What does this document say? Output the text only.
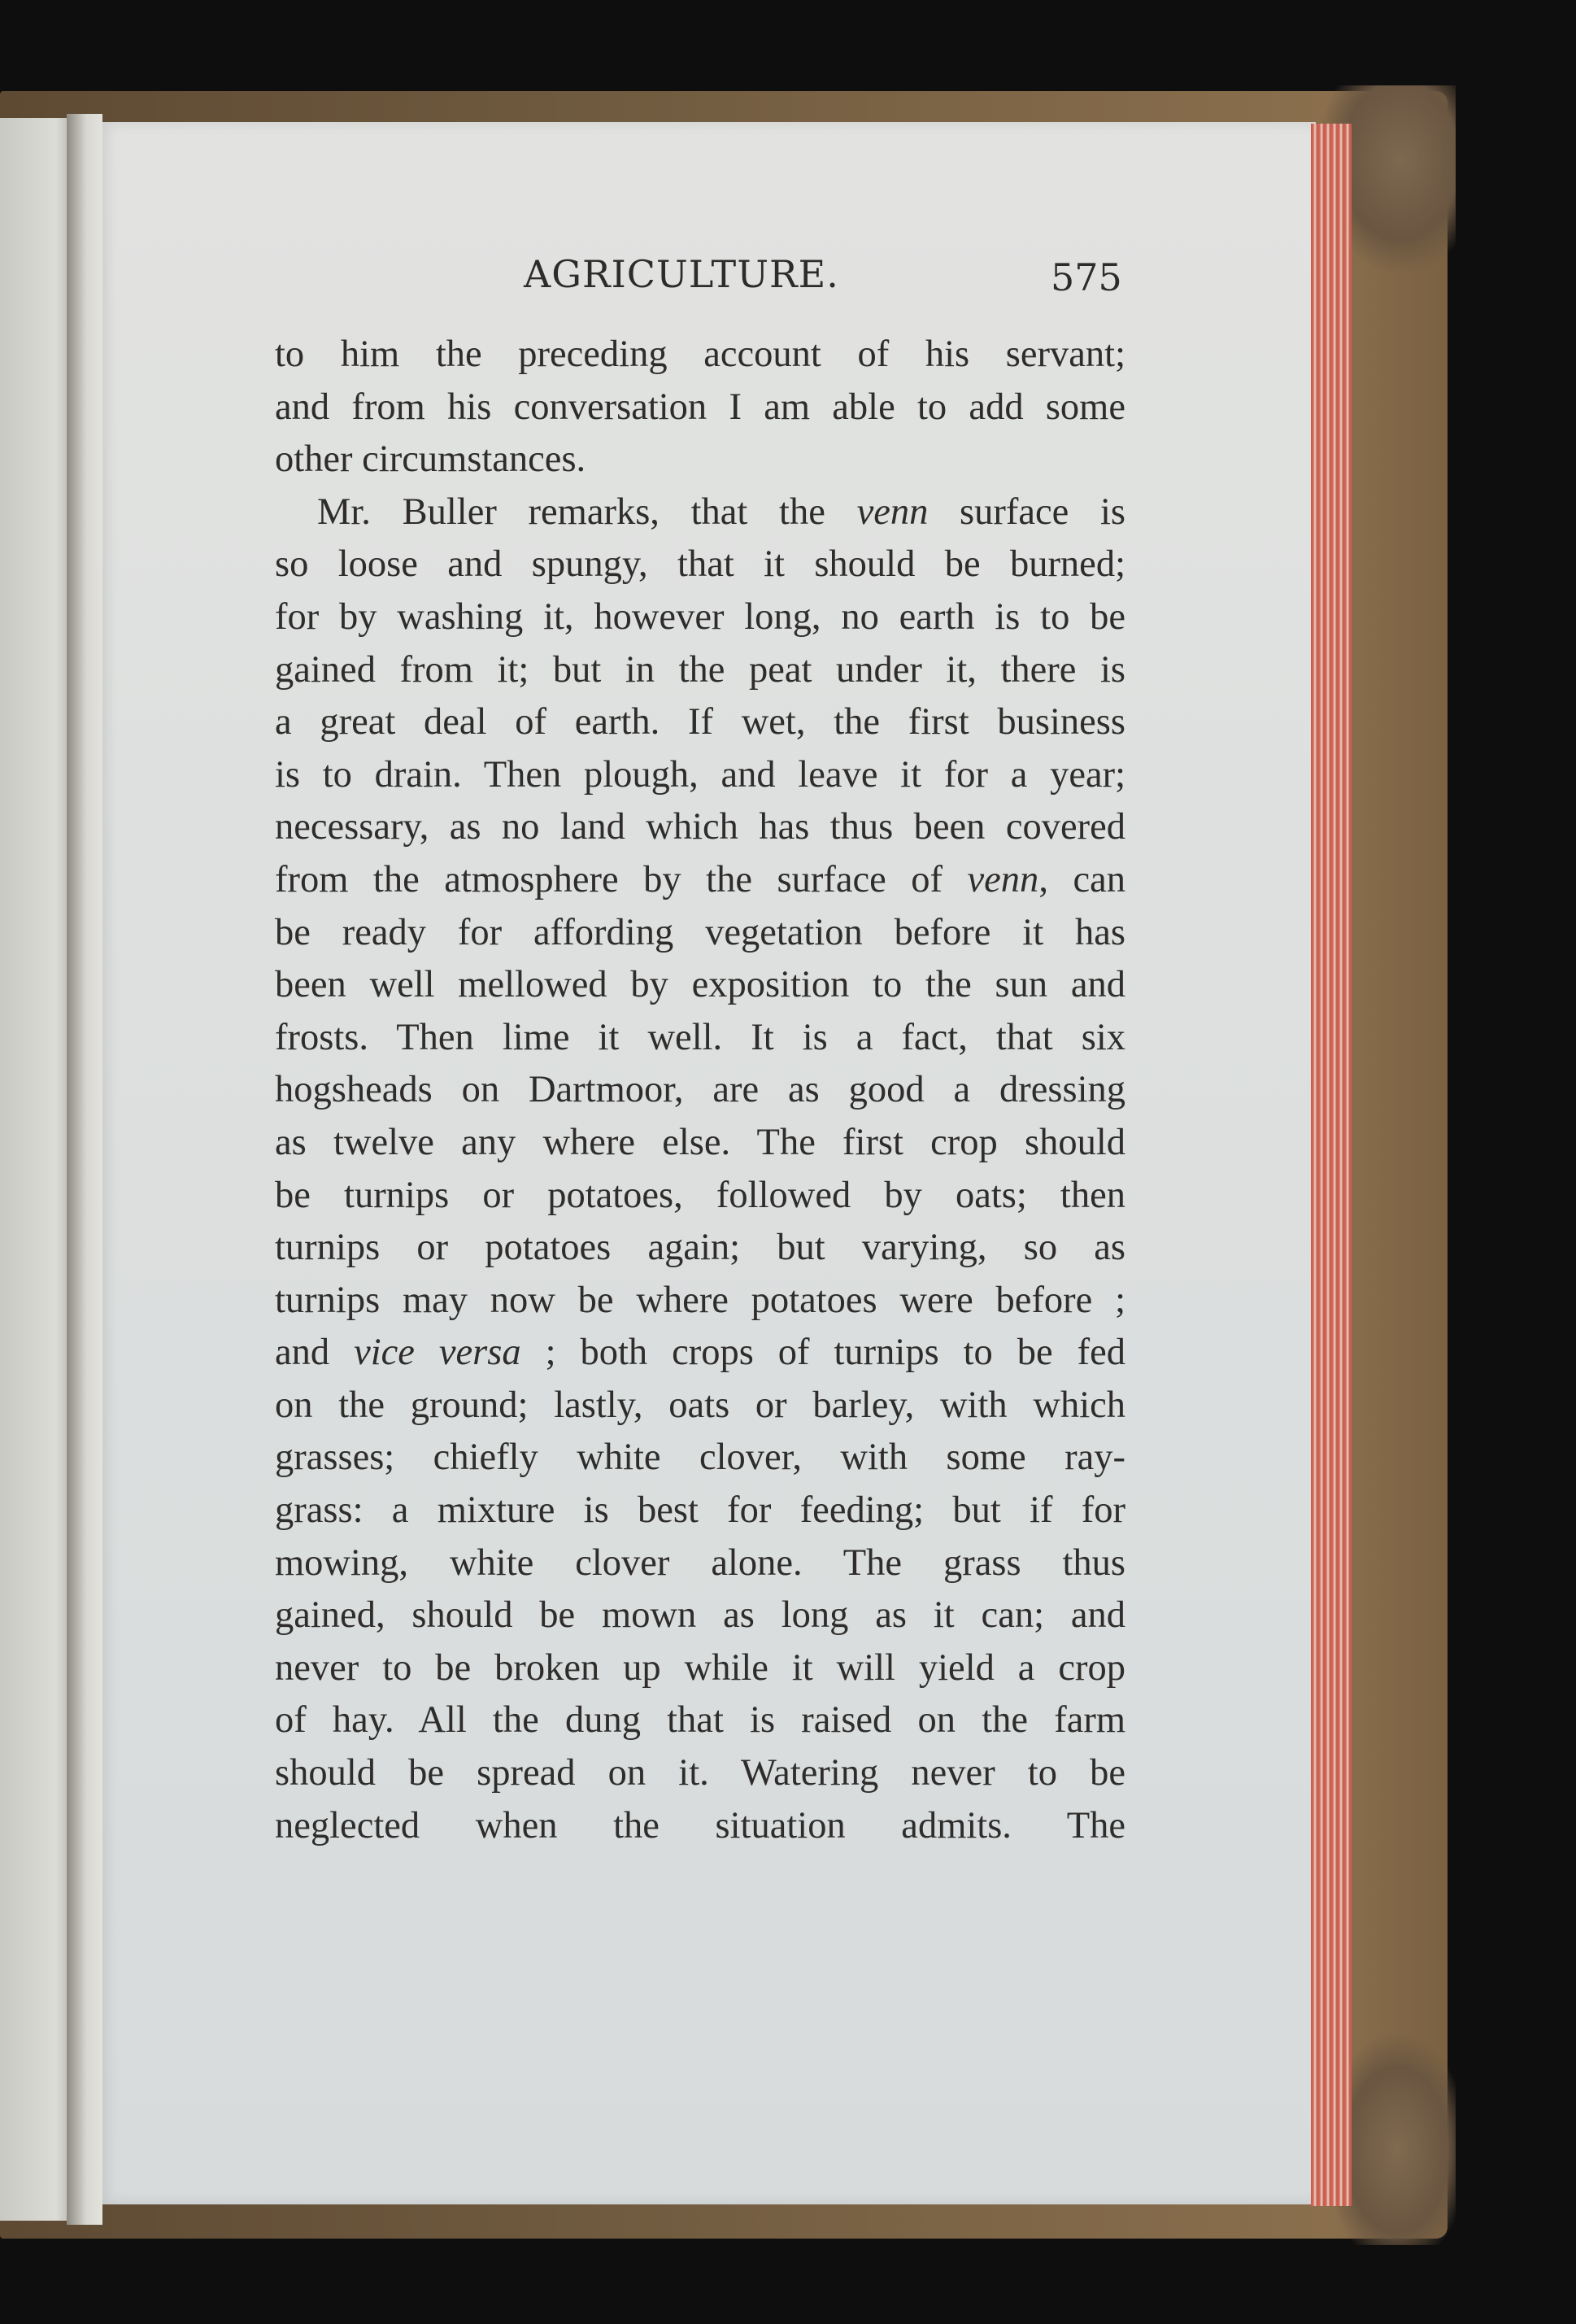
AGRICULTURE.	575
to him the preceding account of his servant;
and from his conversation I am able to add some
other circumstances.
Mr. Buller remarks, that the venn surface is
so loose and spungy, that it should be burned;
for by washing it, however long, no earth is to be
gained from it; but in the peat under it, there is
a great deal of earth. If wet, the first business
is to drain. Then plough, and leave it for a year;
necessary, as no land which has thus been covered
from the atmosphere by the surface of venn, can
be ready for affording vegetation before it has
been well mellowed by exposition to the sun and
frosts. Then lime it well. It is a fact, that six
hogsheads on Dartmoor, are as good a dressing
as twelve any where else. The first crop should
be turnips or potatoes, followed by oats; then
turnips or potatoes again; but varying, so as
turnips may now be where potatoes were before ;
and vice versa ; both crops of turnips to be fed
on the ground; lastly, oats or barley, with which
grasses; chiefly white clover, with some ray-
grass: a mixture is best for feeding; but if for
mowing, white clover alone. The grass thus
gained, should be mown as long as it can; and
never to be broken up while it will yield a crop
of hay. All the dung that is raised on the farm
should be spread on it. Watering never to be
neglected when the situation admits. The
